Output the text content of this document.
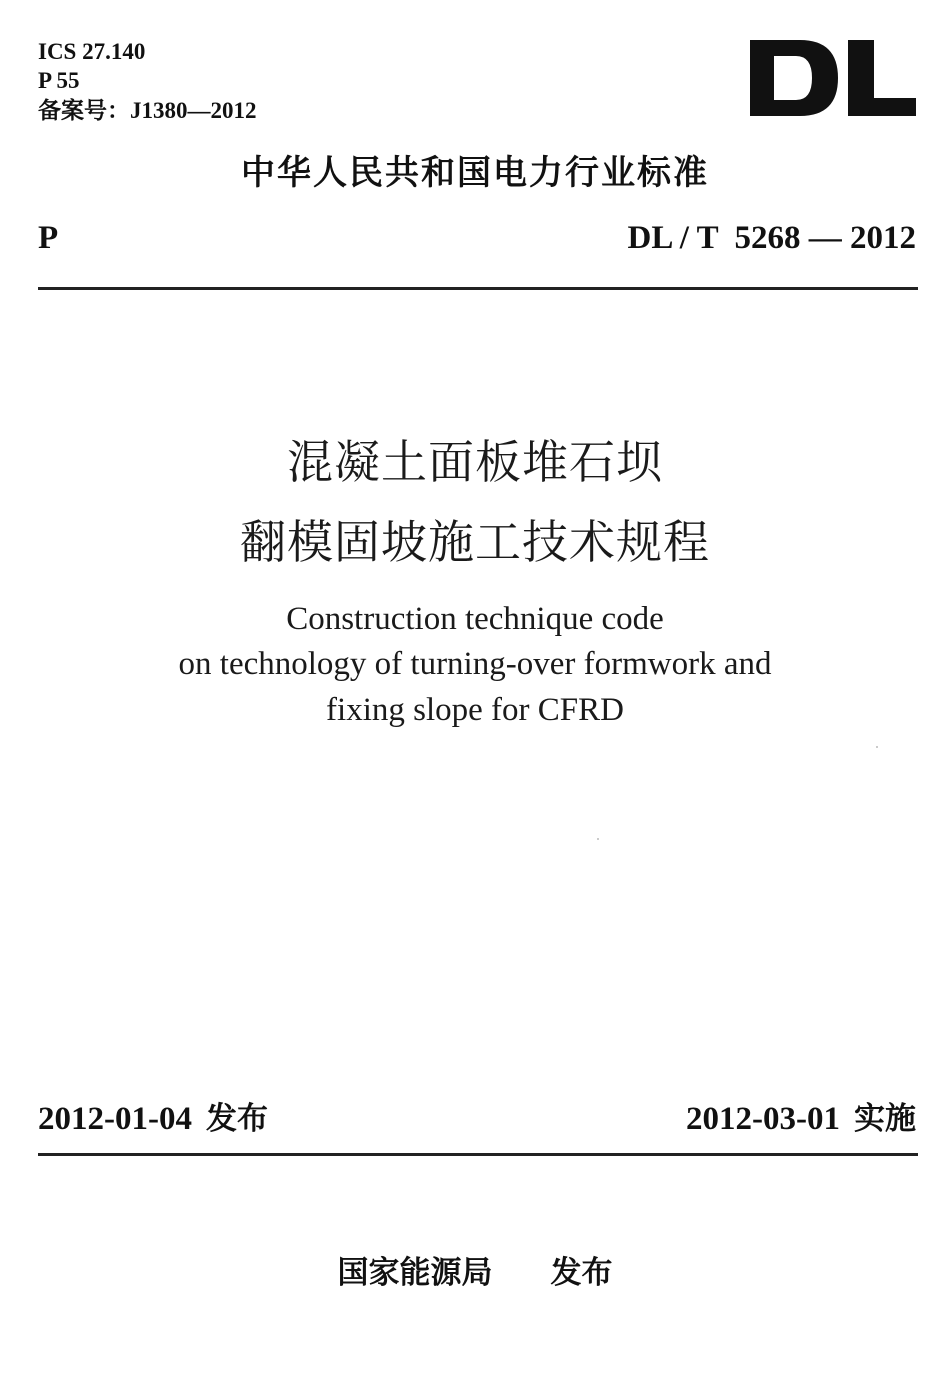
ICS 27.140
P 55
备案号：J1380—2012
中华人民共和国电力行业标准
P	DL / T  5268 — 2012
混凝土面板堆石坝
翻模固坡施工技术规程
Construction technique code
on technology of turning-over formwork and
fixing slope for CFRD
2012-01-04 发布	2012-03-01 实施
国家能源局 发布
